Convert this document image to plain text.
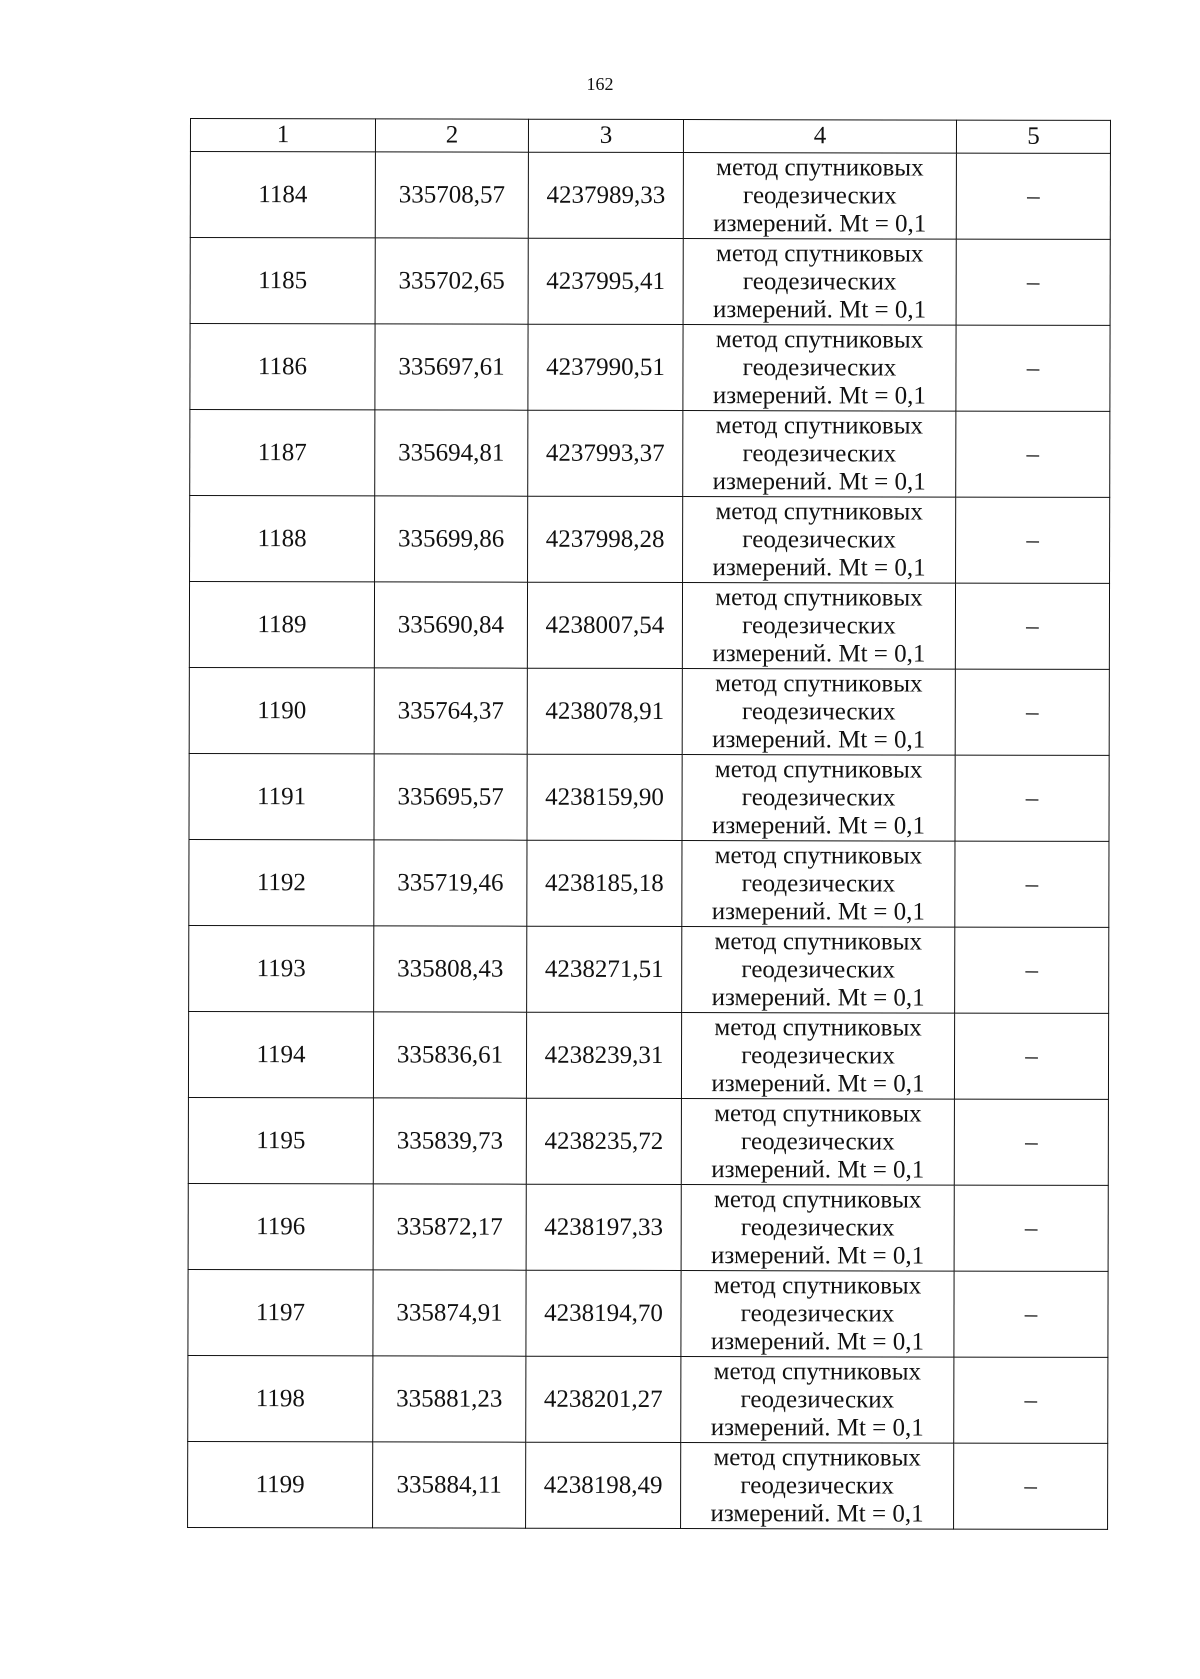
162
1	2	3	4	5
1184	335708,57	4237989,33	метод спутниковых
геодезических
измерений. Mt = 0,1	–
1185	335702,65	4237995,41	метод спутниковых
геодезических
измерений. Mt = 0,1	–
1186	335697,61	4237990,51	метод спутниковых
геодезических
измерений. Mt = 0,1	–
1187	335694,81	4237993,37	метод спутниковых
геодезических
измерений. Mt = 0,1	–
1188	335699,86	4237998,28	метод спутниковых
геодезических
измерений. Mt = 0,1	–
1189	335690,84	4238007,54	метод спутниковых
геодезических
измерений. Mt = 0,1	–
1190	335764,37	4238078,91	метод спутниковых
геодезических
измерений. Mt = 0,1	–
1191	335695,57	4238159,90	метод спутниковых
геодезических
измерений. Mt = 0,1	–
1192	335719,46	4238185,18	метод спутниковых
геодезических
измерений. Mt = 0,1	–
1193	335808,43	4238271,51	метод спутниковых
геодезических
измерений. Mt = 0,1	–
1194	335836,61	4238239,31	метод спутниковых
геодезических
измерений. Mt = 0,1	–
1195	335839,73	4238235,72	метод спутниковых
геодезических
измерений. Mt = 0,1	–
1196	335872,17	4238197,33	метод спутниковых
геодезических
измерений. Mt = 0,1	–
1197	335874,91	4238194,70	метод спутниковых
геодезических
измерений. Mt = 0,1	–
1198	335881,23	4238201,27	метод спутниковых
геодезических
измерений. Mt = 0,1	–
1199	335884,11	4238198,49	метод спутниковых
геодезических
измерений. Mt = 0,1	–
